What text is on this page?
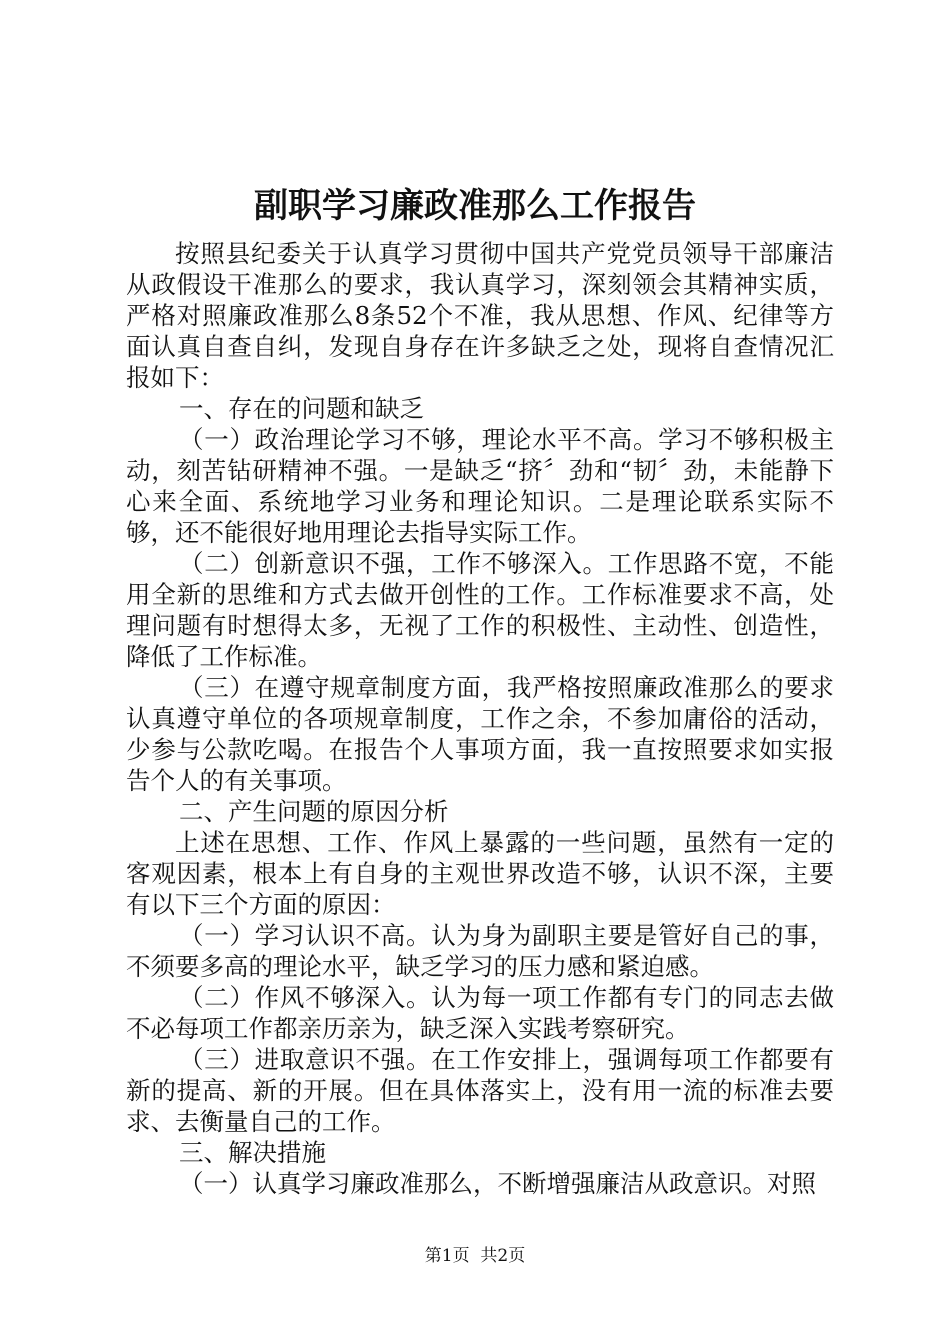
副职学习廉政准那么工作报告

按照县纪委关于认真学习贯彻中国共产党党员领导干部廉洁从政假设干准那么的要求，我认真学习，深刻领会其精神实质，严格对照廉政准那么8条52个不准，我从思想、作风、纪律等方面认真自查自纠，发现自身存在许多缺乏之处，现将自查情况汇报如下：

一、存在的问题和缺乏

（一）政治理论学习不够，理论水平不高。学习不够积极主动，刻苦钻研精神不强。一是缺乏“挤〞劲和“韧〞劲，未能静下心来全面、系统地学习业务和理论知识。二是理论联系实际不够，还不能很好地用理论去指导实际工作。

（二）创新意识不强，工作不够深入。工作思路不宽，不能用全新的思维和方式去做开创性的工作。工作标准要求不高，处理问题有时想得太多，无视了工作的积极性、主动性、创造性，降低了工作标准。

（三）在遵守规章制度方面，我严格按照廉政准那么的要求认真遵守单位的各项规章制度，工作之余，不参加庸俗的活动，少参与公款吃喝。在报告个人事项方面，我一直按照要求如实报告个人的有关事项。

二、产生问题的原因分析

上述在思想、工作、作风上暴露的一些问题，虽然有一定的客观因素，根本上有自身的主观世界改造不够，认识不深，主要有以下三个方面的原因：

（一）学习认识不高。认为身为副职主要是管好自己的事，不须要多高的理论水平，缺乏学习的压力感和紧迫感。

（二）作风不够深入。认为每一项工作都有专门的同志去做不必每项工作都亲历亲为，缺乏深入实践考察研究。

（三）进取意识不强。在工作安排上，强调每项工作都要有新的提高、新的开展。但在具体落实上，没有用一流的标准去要求、去衡量自己的工作。

三、解决措施

（一）认真学习廉政准那么，不断增强廉洁从政意识。对照

第1页  共2页
